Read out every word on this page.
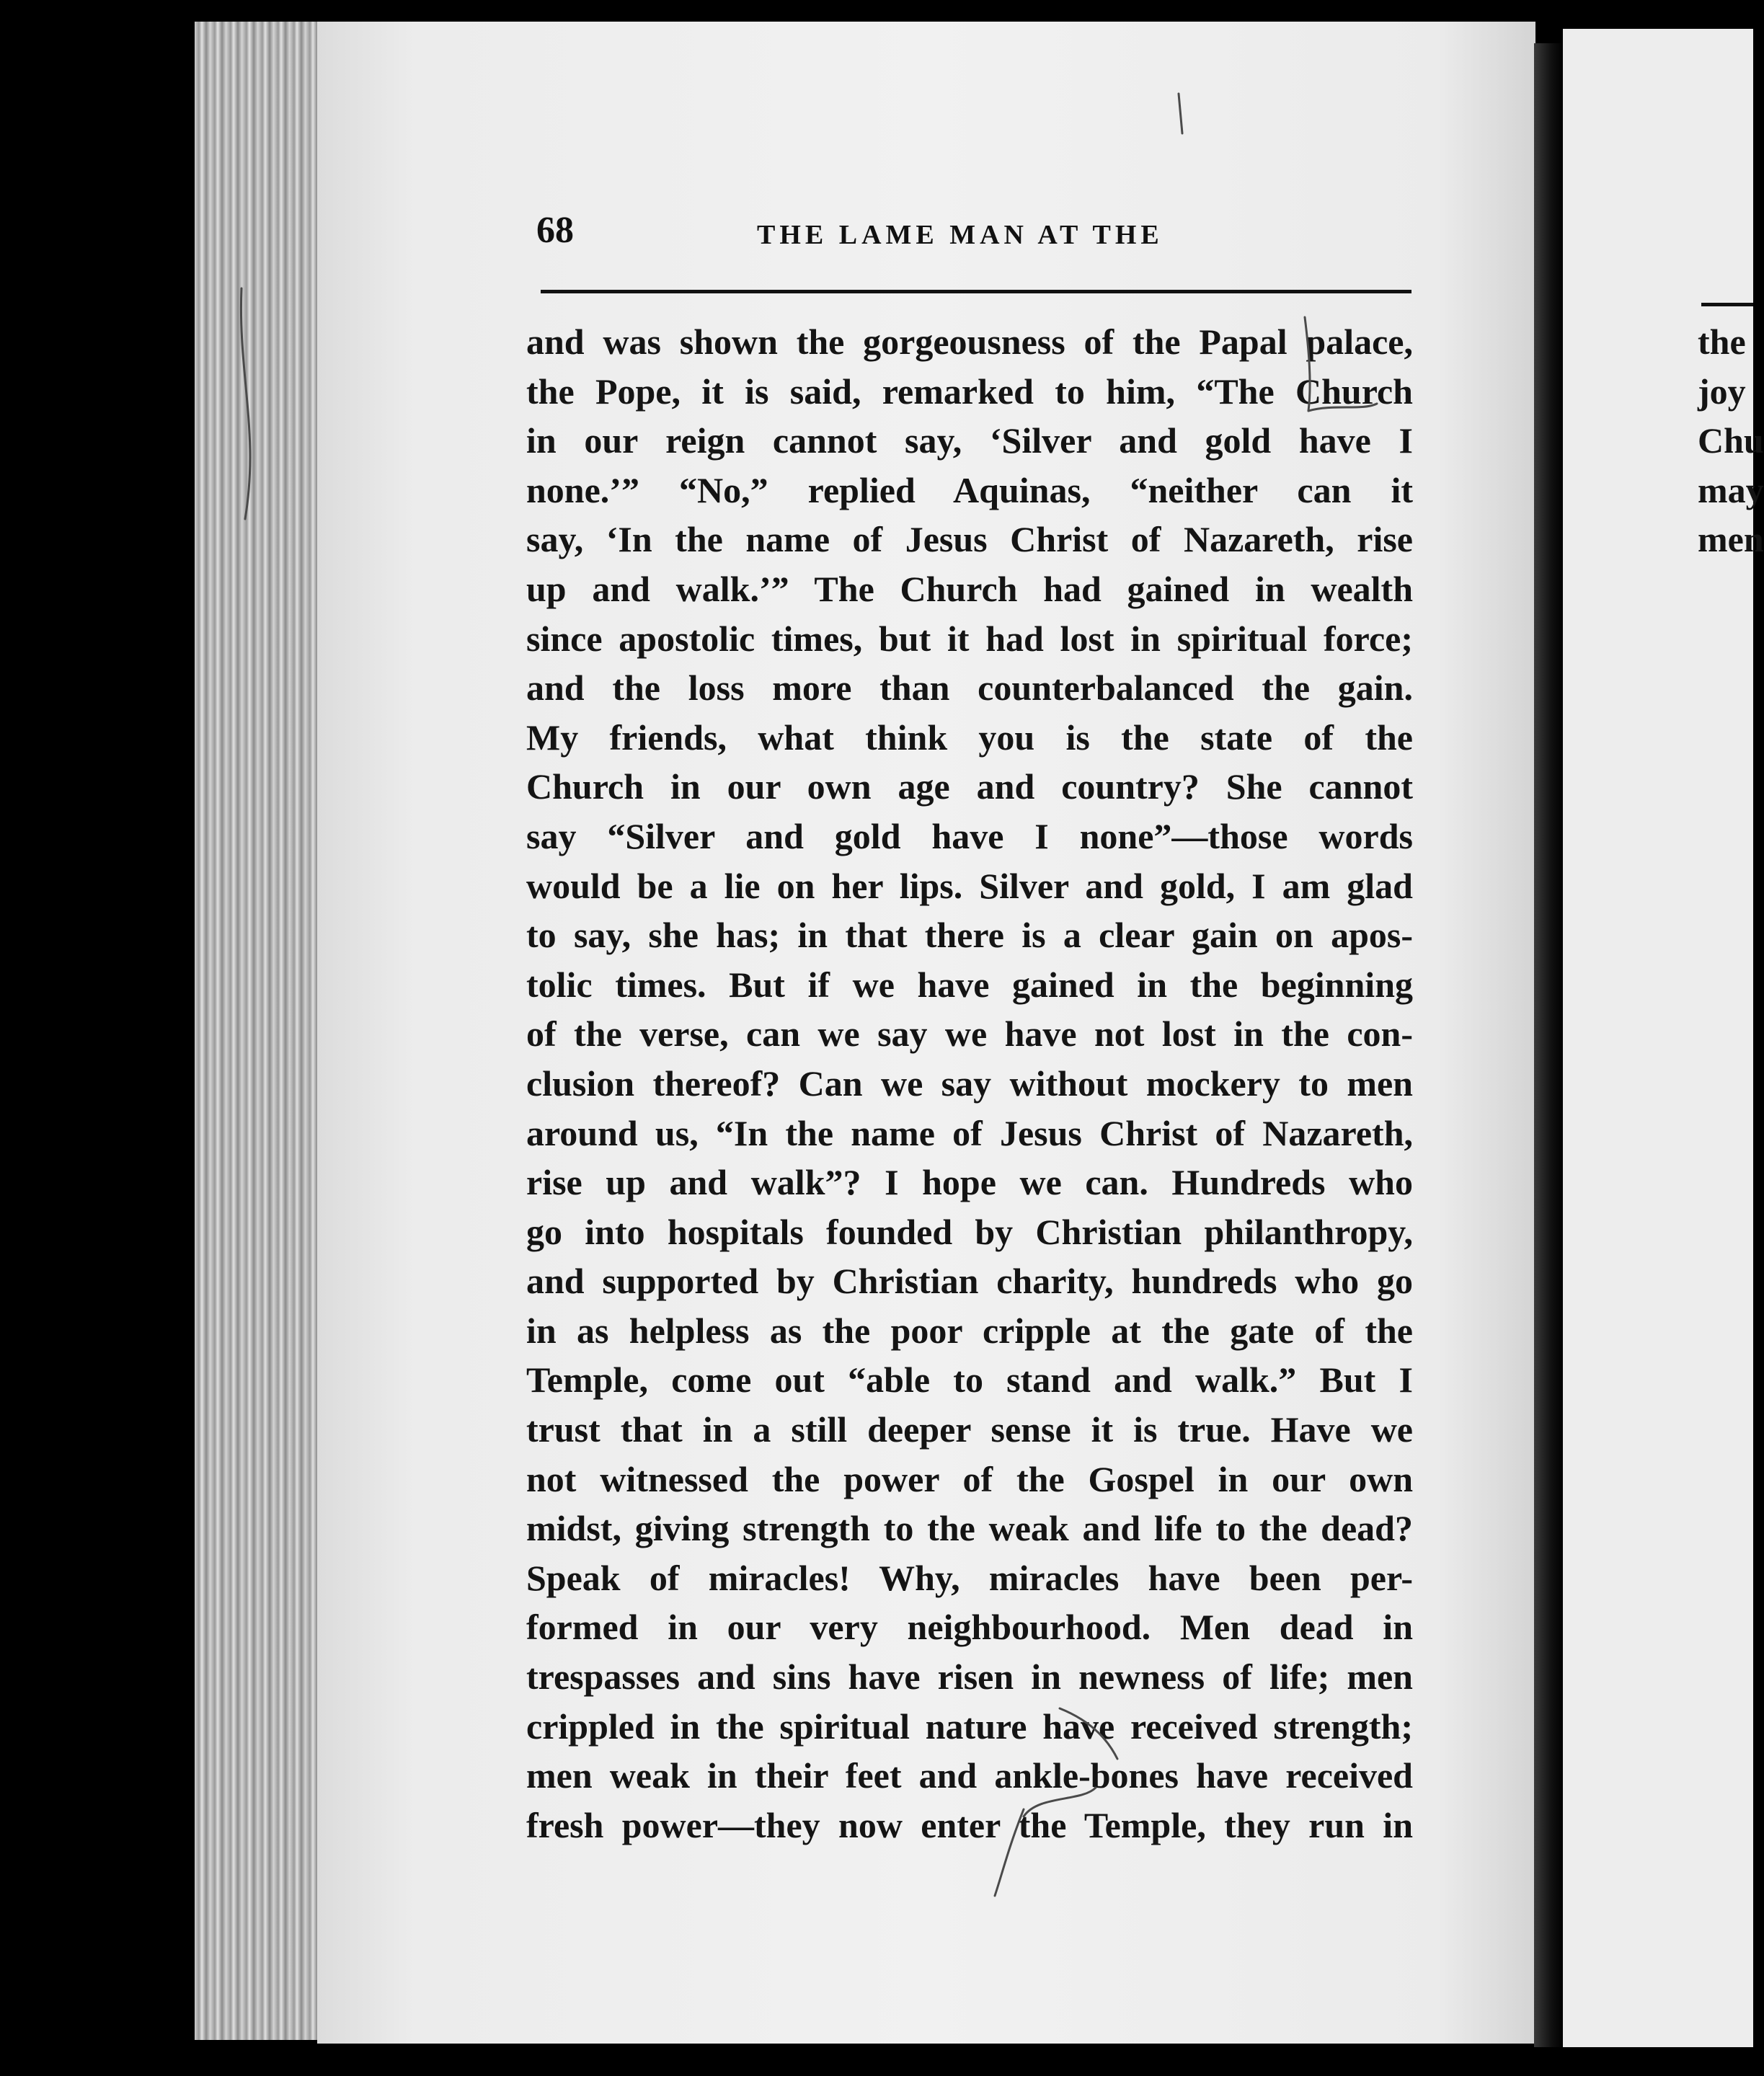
68	THE LAME MAN AT THE
and was shown the gorgeousness of the Papal palace,
the Pope, it is said, remarked to him, “The Church
in our reign cannot say, ‘Silver and gold have I
none.’” “No,” replied Aquinas, “neither can it
say, ‘In the name of Jesus Christ of Nazareth, rise
up and walk.’” The Church had gained in wealth
since apostolic times, but it had lost in spiritual force;
and the loss more than counterbalanced the gain.
My friends, what think you is the state of the
Church in our own age and country? She cannot
say “Silver and gold have I none”—those words
would be a lie on her lips. Silver and gold, I am glad
to say, she has; in that there is a clear gain on apos-
tolic times. But if we have gained in the beginning
of the verse, can we say we have not lost in the con-
clusion thereof? Can we say without mockery to men
around us, “In the name of Jesus Christ of Nazareth,
rise up and walk”? I hope we can. Hundreds who
go into hospitals founded by Christian philanthropy,
and supported by Christian charity, hundreds who go
in as helpless as the poor cripple at the gate of the
Temple, come out “able to stand and walk.” But I
trust that in a still deeper sense it is true. Have we
not witnessed the power of the Gospel in our own
midst, giving strength to the weak and life to the dead?
Speak of miracles! Why, miracles have been per-
formed in our very neighbourhood. Men dead in
trespasses and sins have risen in newness of life; men
crippled in the spiritual nature have received strength;
men weak in their feet and ankle-bones have received
fresh power—they now enter the Temple, they run in
the
joy
Chu
may
men
